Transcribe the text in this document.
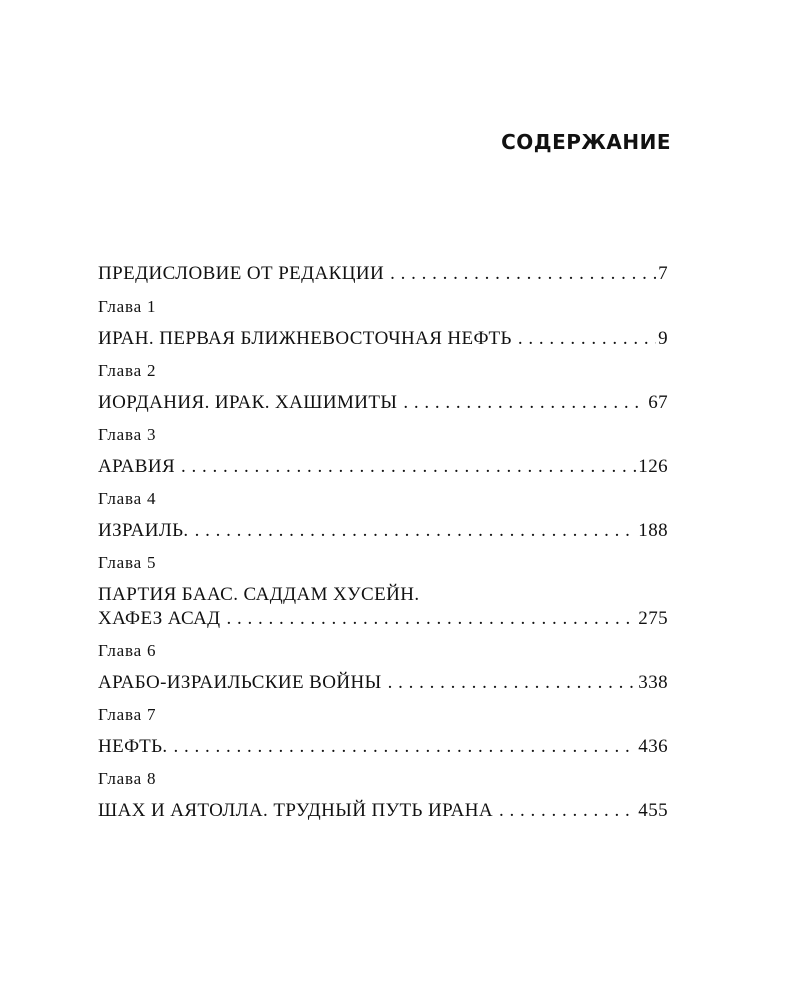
СОДЕРЖАНИЕ
ПРЕДИСЛОВИЕ ОТ РЕДАКЦИИ . . .	7
Глава 1
ИРАН. ПЕРВАЯ БЛИЖНЕВОСТОЧНАЯ НЕФТЬ . . .	9
Глава 2
ИОРДАНИЯ. ИРАК. ХАШИМИТЫ . . .	67
Глава 3
АРАВИЯ . . .	126
Глава 4
ИЗРАИЛЬ. . . .	188
Глава 5
ПАРТИЯ БААС. САДДАМ ХУСЕЙН.
ХАФЕЗ АСАД . . .	275
Глава 6
АРАБО-ИЗРАИЛЬСКИЕ ВОЙНЫ . . .	338
Глава 7
НЕФТЬ. . . .	436
Глава 8
ШАХ И АЯТОЛЛА. ТРУДНЫЙ ПУТЬ ИРАНА . . .	455
